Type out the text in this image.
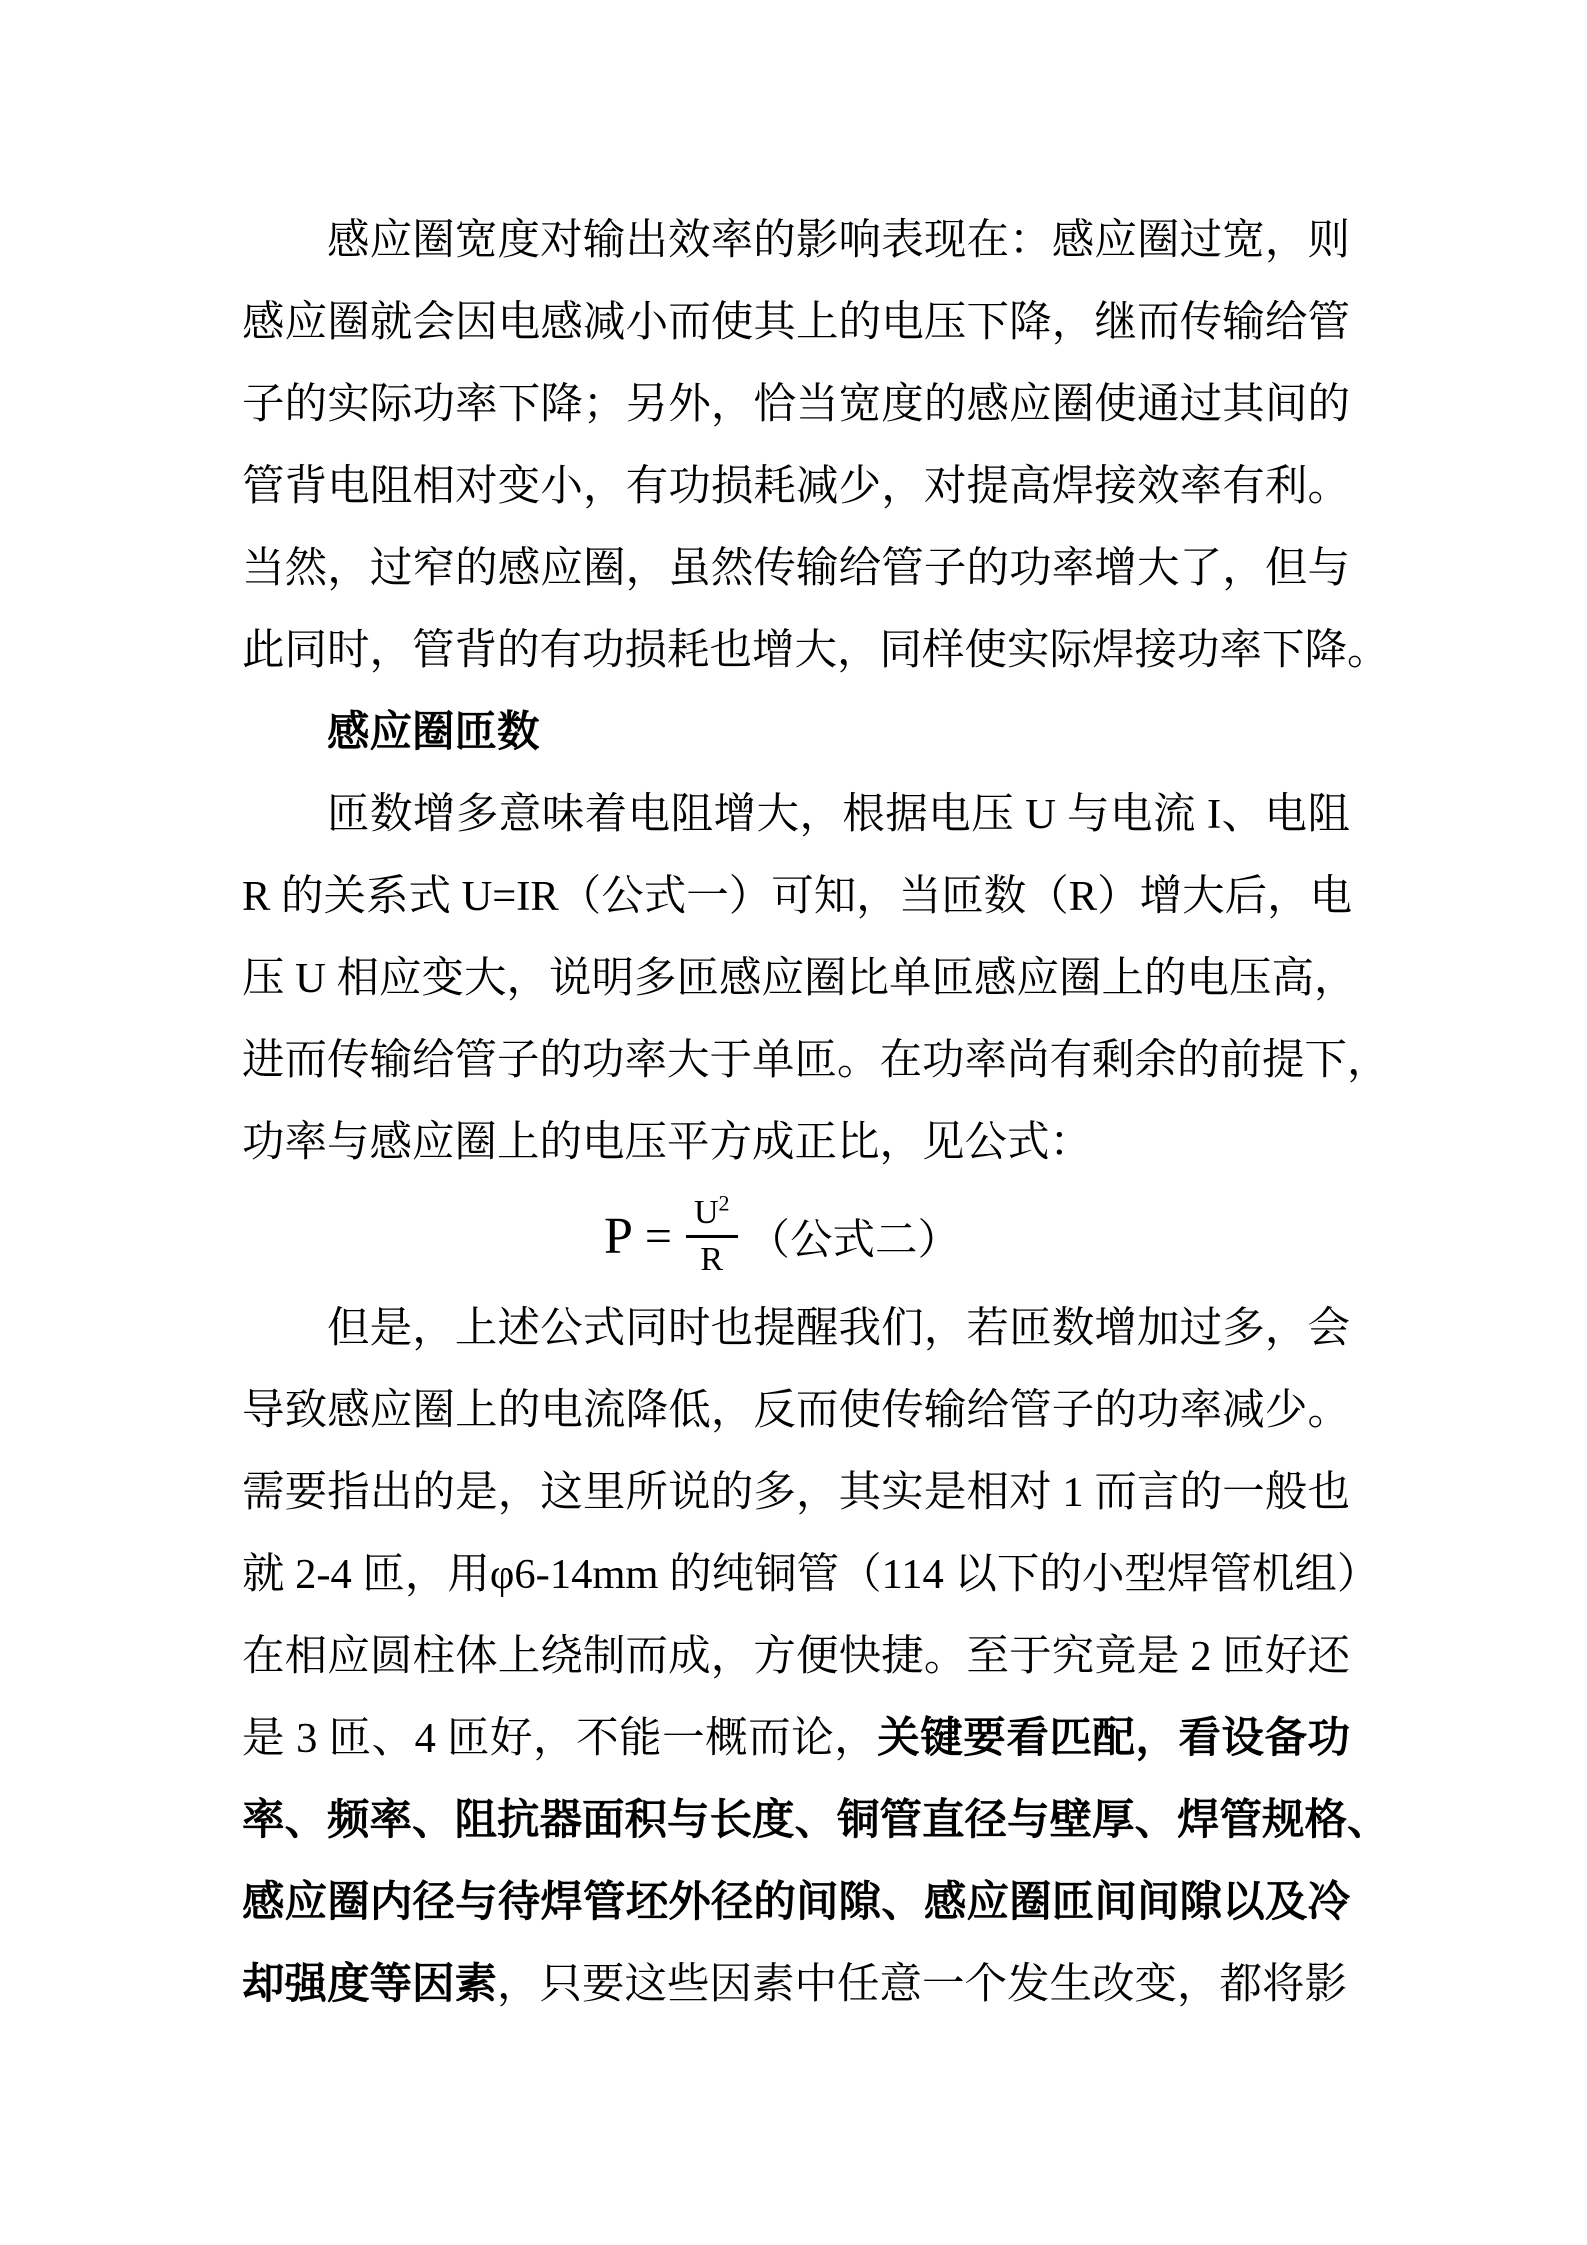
感应圈宽度对输出效率的影响表现在：感应圈过宽，则
感应圈就会因电感减小而使其上的电压下降，继而传输给管
子的实际功率下降；另外，恰当宽度的感应圈使通过其间的
管背电阻相对变小，有功损耗减少，对提高焊接效率有利。
当然，过窄的感应圈，虽然传输给管子的功率增大了，但与
此同时，管背的有功损耗也增大，同样使实际焊接功率下降。
感应圈匝数
匝数增多意味着电阻增大，根据电压 U 与电流 I、电阻
R 的关系式 U=IR（公式一）可知，当匝数（R）增大后，电
压 U 相应变大，说明多匝感应圈比单匝感应圈上的电压高，
进而传输给管子的功率大于单匝。在功率尚有剩余的前提下，
功率与感应圈上的电压平方成正比，见公式：
$P = \frac{U^2}{R}$ （公式二）
但是，上述公式同时也提醒我们，若匝数增加过多，会
导致感应圈上的电流降低，反而使传输给管子的功率减少。
需要指出的是，这里所说的多，其实是相对 1 而言的一般也
就 2-4 匝，用φ6-14mm 的纯铜管（114 以下的小型焊管机组）
在相应圆柱体上绕制而成，方便快捷。至于究竟是 2 匝好还
是 3 匝、4 匝好，不能一概而论，关键要看匹配，看设备功
率、频率、阻抗器面积与长度、铜管直径与壁厚、焊管规格、
感应圈内径与待焊管坯外径的间隙、感应圈匝间间隙以及冷
却强度等因素，只要这些因素中任意一个发生改变，都将影
